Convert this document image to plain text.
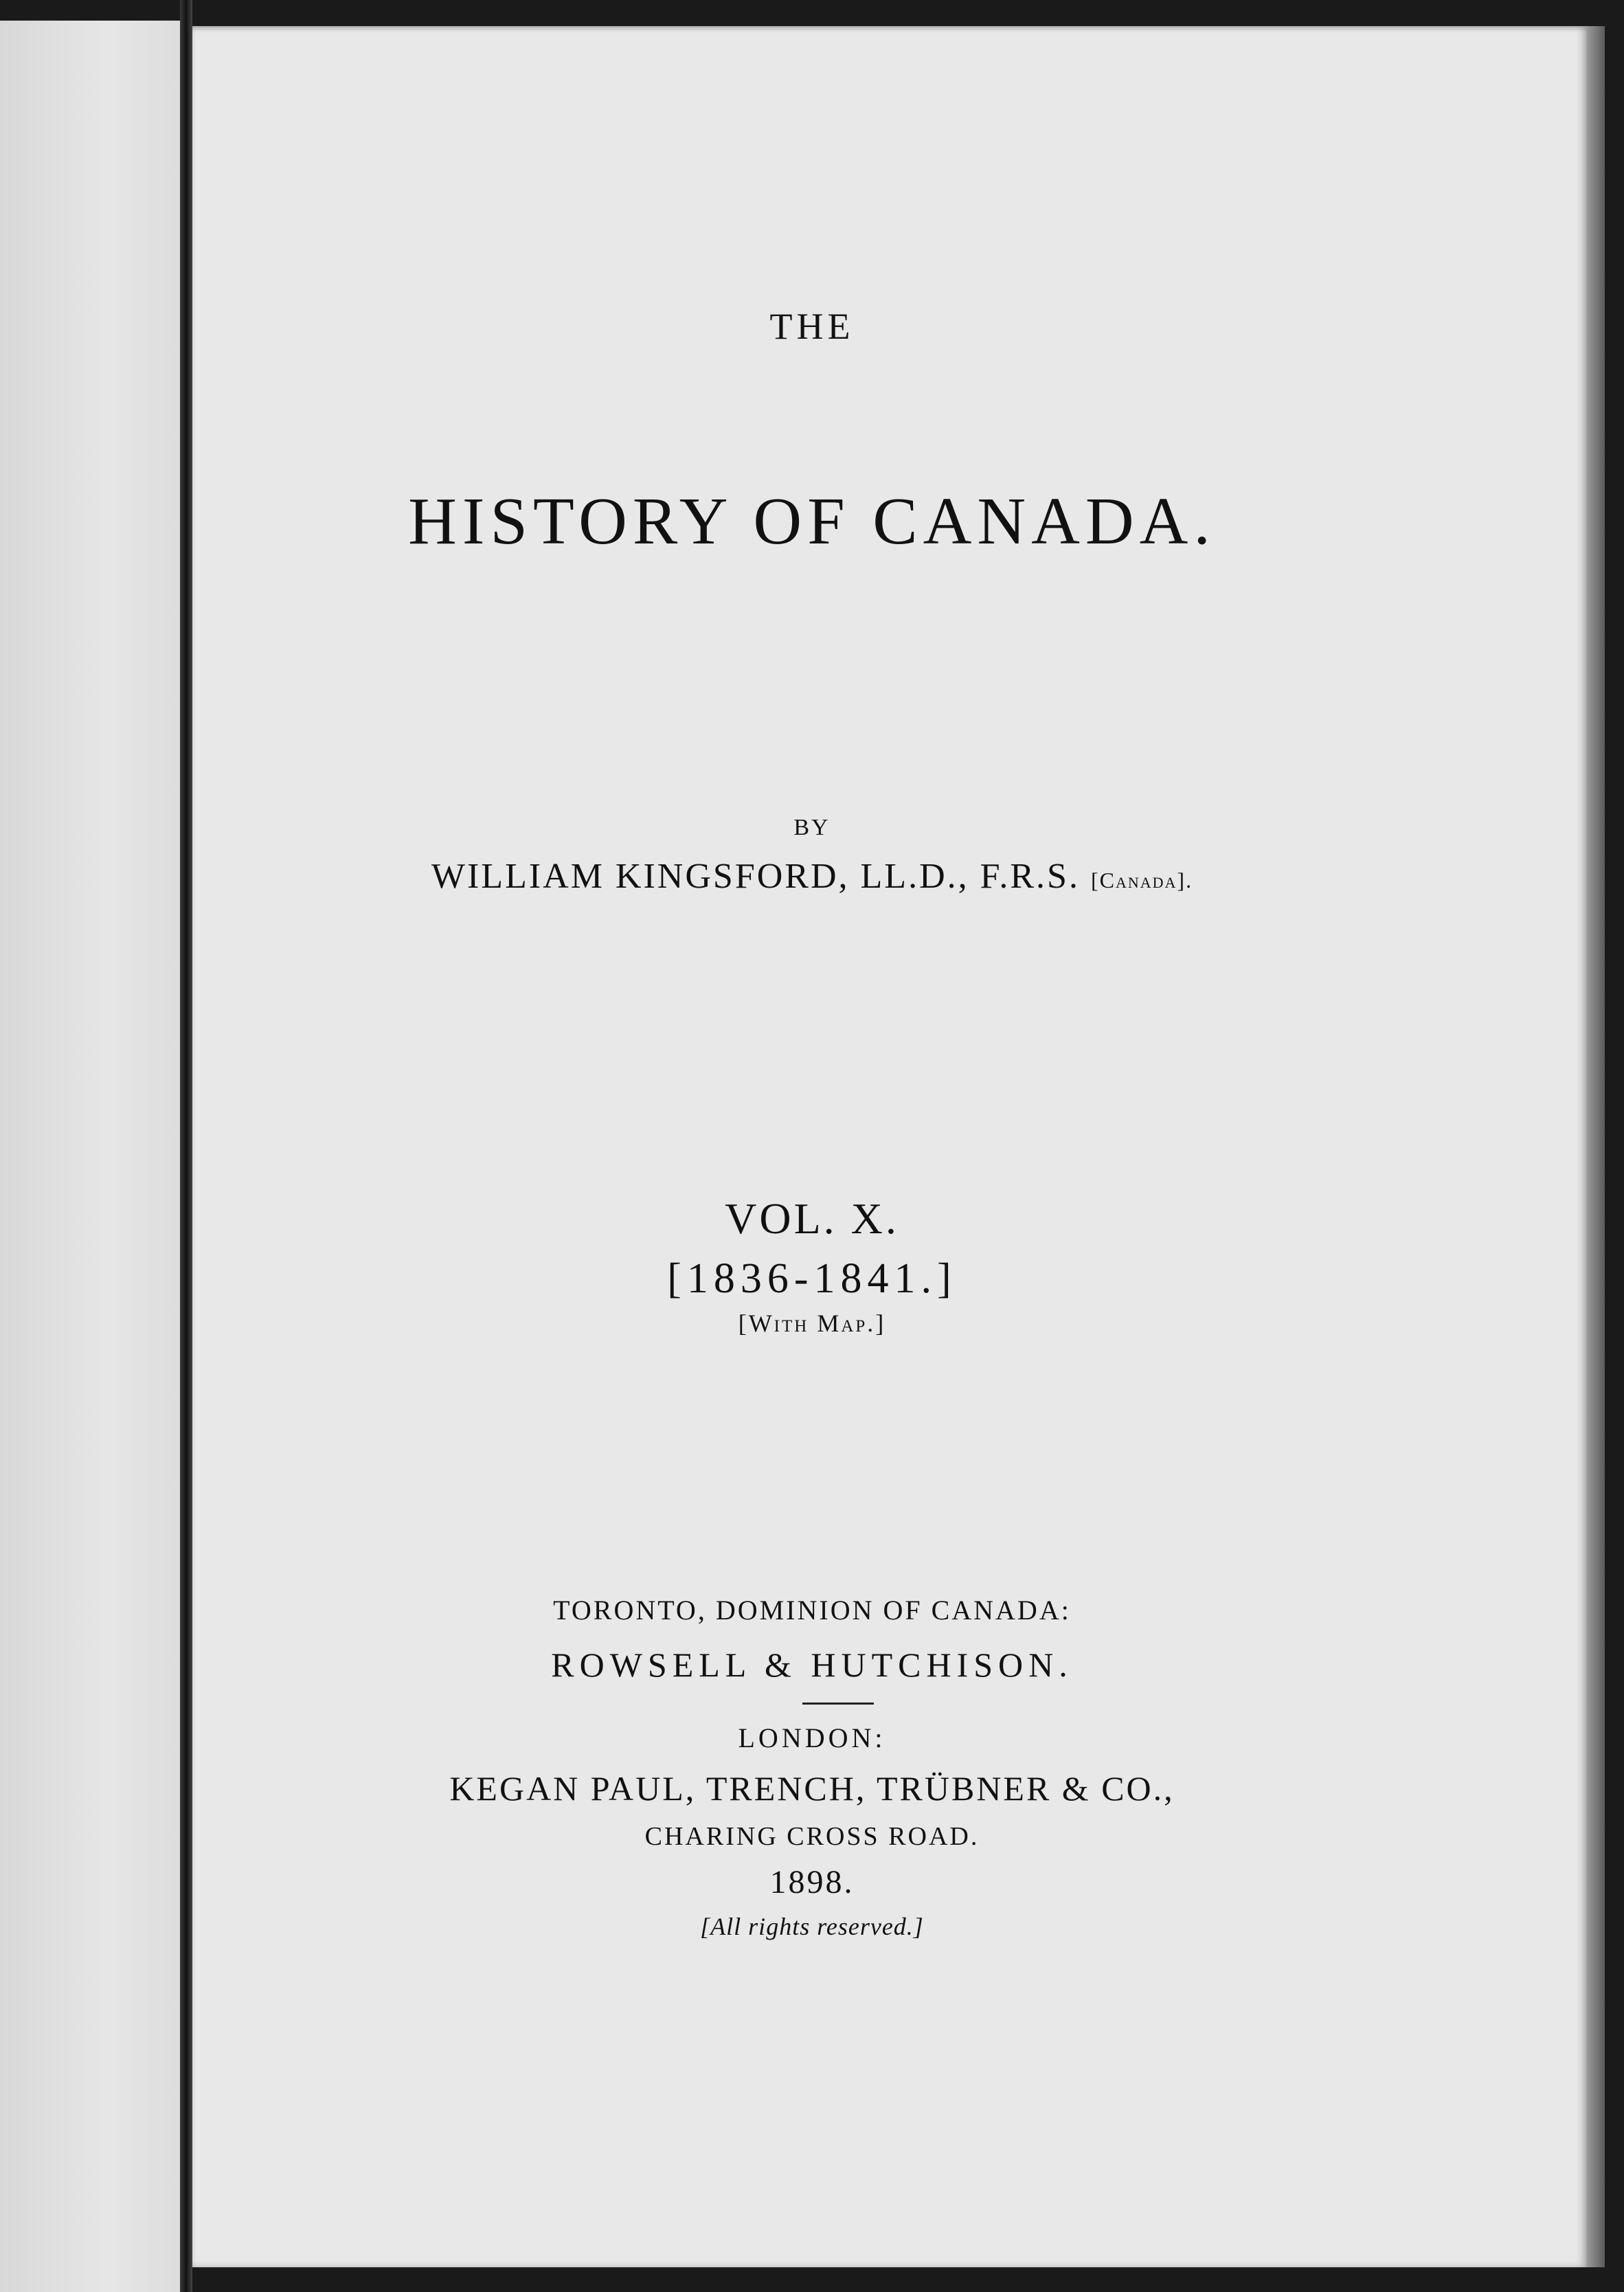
THE
HISTORY OF CANADA.
BY
WILLIAM KINGSFORD, LL.D., F.R.S. [Canada].
VOL. X.
[1836-1841.]
[With Map.]
TORONTO, DOMINION OF CANADA:
ROWSELL & HUTCHISON.
LONDON:
KEGAN PAUL, TRENCH, TRÜBNER & CO.,
CHARING CROSS ROAD.
1898.
[All rights reserved.]
